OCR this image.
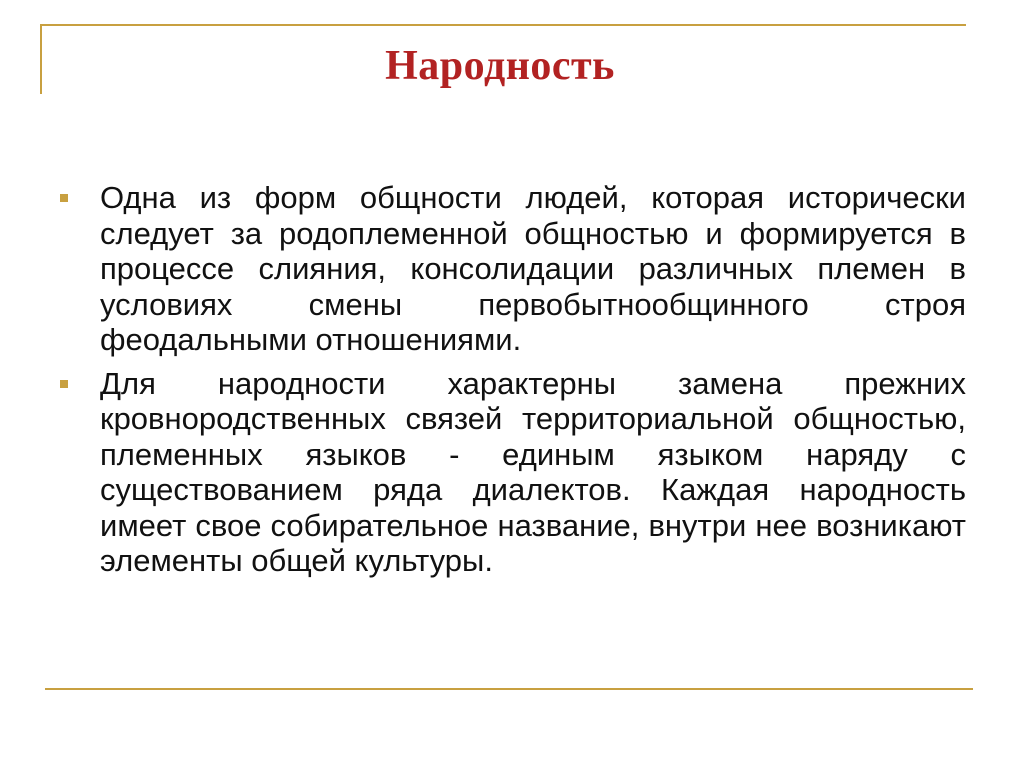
Народность
Одна из форм общности людей, которая исторически следует за родоплеменной общностью и формируется в процессе слияния, консолидации различных племен в условиях смены первобытнообщинного строя феодальными отношениями.
Для народности характерны замена прежних кровнородственных связей территориальной общностью, племенных языков - единым языком наряду с существованием ряда диалектов. Каждая народность имеет свое собирательное название, внутри нее возникают элементы общей культуры.
